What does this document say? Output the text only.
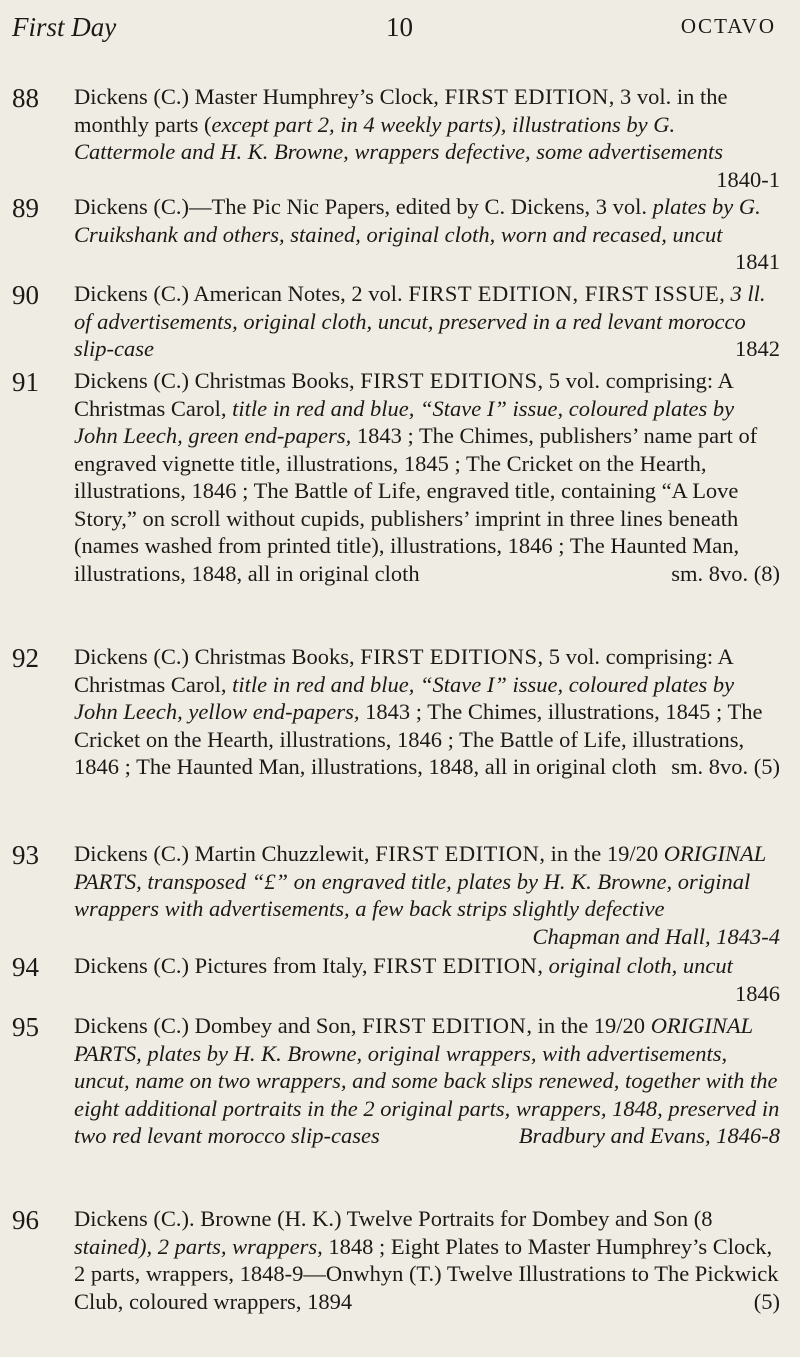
First Day	10	OCTAVO
88	Dickens (C.) Master Humphrey’s Clock, FIRST EDITION, 3 vol. in the monthly parts (except part 2, in 4 weekly parts), illustrations by G. Cattermole and H. K. Browne, wrappers defective, some advertisements
1840-1
89	Dickens (C.)—The Pic Nic Papers, edited by C. Dickens, 3 vol. plates by G. Cruikshank and others, stained, original cloth, worn and recased, uncut
1841
90	Dickens (C.) American Notes, 2 vol. FIRST EDITION, FIRST ISSUE, 3 ll. of advertisements, original cloth, uncut, preserved in a red levant morocco slip-case	1842
91	Dickens (C.) Christmas Books, FIRST EDITIONS, 5 vol. comprising: A Christmas Carol, title in red and blue, “Stave I” issue, coloured plates by John Leech, green end-papers, 1843 ; The Chimes, publishers’ name part of engraved vignette title, illustrations, 1845 ; The Cricket on the Hearth, illustrations, 1846 ; The Battle of Life, engraved title, containing “A Love Story,” on scroll without cupids, publishers’ imprint in three lines beneath (names washed from printed title), illustrations, 1846 ; The Haunted Man, illustrations, 1848, all in original cloth	sm. 8vo. (8)
92	Dickens (C.) Christmas Books, FIRST EDITIONS, 5 vol. comprising: A Christmas Carol, title in red and blue, “Stave I” issue, coloured plates by John Leech, yellow end-papers, 1843 ; The Chimes, illustrations, 1845 ; The Cricket on the Hearth, illustrations, 1846 ; The Battle of Life, illustrations, 1846 ; The Haunted Man, illustrations, 1848, all in original cloth sm. 8vo. (5)
93	Dickens (C.) Martin Chuzzlewit, FIRST EDITION, in the 19/20 ORIGINAL PARTS, transposed “£” on engraved title, plates by H. K. Browne, original wrappers with advertisements, a few back strips slightly defective
Chapman and Hall, 1843-4
94	Dickens (C.) Pictures from Italy, FIRST EDITION, original cloth, uncut
1846
95	Dickens (C.) Dombey and Son, FIRST EDITION, in the 19/20 ORIGINAL PARTS, plates by H. K. Browne, original wrappers, with advertisements, uncut, name on two wrappers, and some back slips renewed, together with the eight additional portraits in the 2 original parts, wrappers, 1848, preserved in two red levant morocco slip-cases	Bradbury and Evans, 1846-8
96	Dickens (C.). Browne (H. K.) Twelve Portraits for Dombey and Son (8 stained), 2 parts, wrappers, 1848 ; Eight Plates to Master Humphrey’s Clock, 2 parts, wrappers, 1848-9—Onwhyn (T.) Twelve Illustrations to The Pickwick Club, coloured wrappers, 1894	(5)
